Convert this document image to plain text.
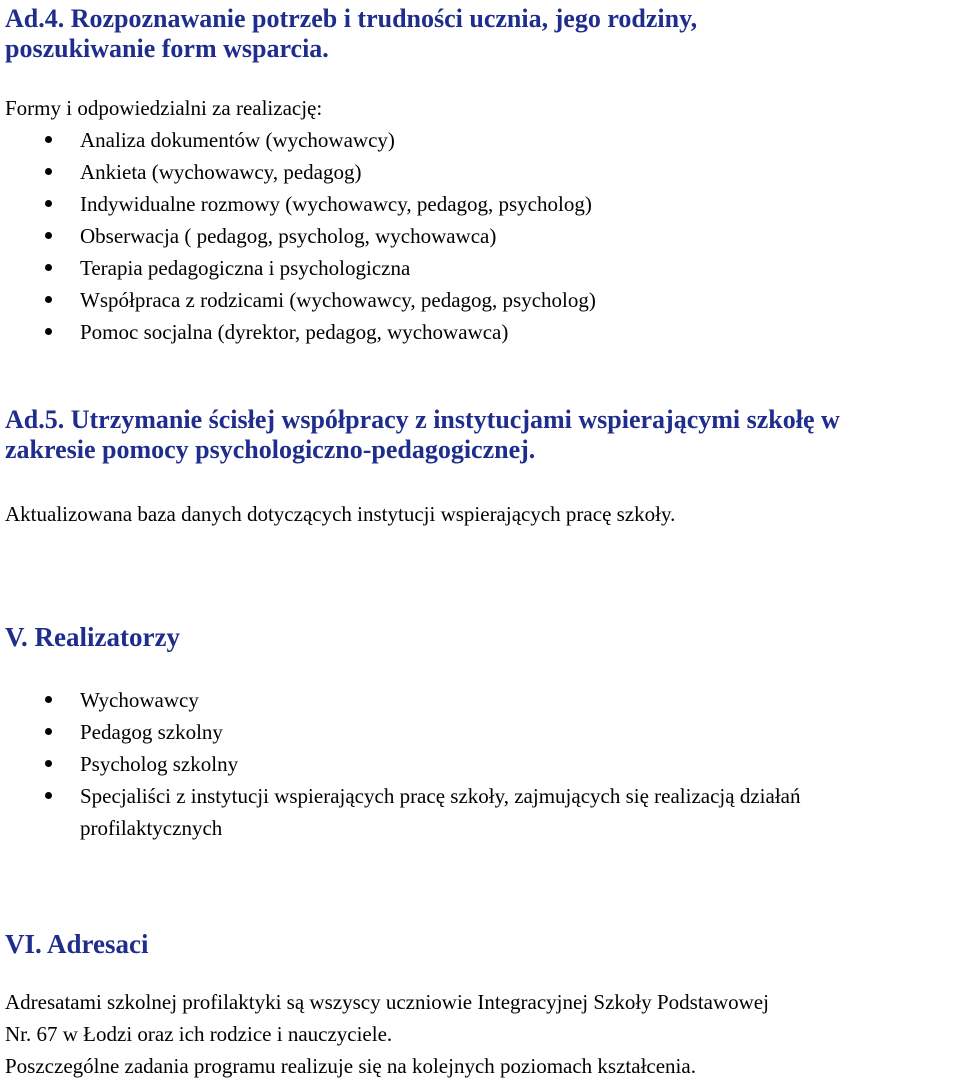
Ad.4. Rozpoznawanie potrzeb i trudności ucznia, jego rodziny,

poszukiwanie form wsparcia.

Formy i odpowiedzialni za realizację:

Analiza dokumentów (wychowawcy)
Ankieta (wychowawcy, pedagog)
Indywidualne rozmowy (wychowawcy, pedagog, psycholog)
Obserwacja ( pedagog, psycholog, wychowawca)
Terapia pedagogiczna i psychologiczna
Współpraca z rodzicami (wychowawcy, pedagog, psycholog)
Pomoc socjalna (dyrektor, pedagog, wychowawca)

Ad.5. Utrzymanie ścisłej współpracy z instytucjami wspierającymi szkołę w

zakresie pomocy psychologiczno-pedagogicznej.

Aktualizowana baza danych dotyczących instytucji wspierających pracę szkoły.

V. Realizatorzy

Wychowawcy
Pedagog szkolny
Psycholog szkolny
Specjaliści z instytucji wspierających pracę szkoły, zajmujących się realizacją działań
profilaktycznych

VI. Adresaci

Adresatami szkolnej profilaktyki są wszyscy uczniowie Integracyjnej Szkoły Podstawowej

Nr. 67 w Łodzi oraz ich rodzice i nauczyciele.

Poszczególne zadania programu realizuje się na kolejnych poziomach kształcenia.
